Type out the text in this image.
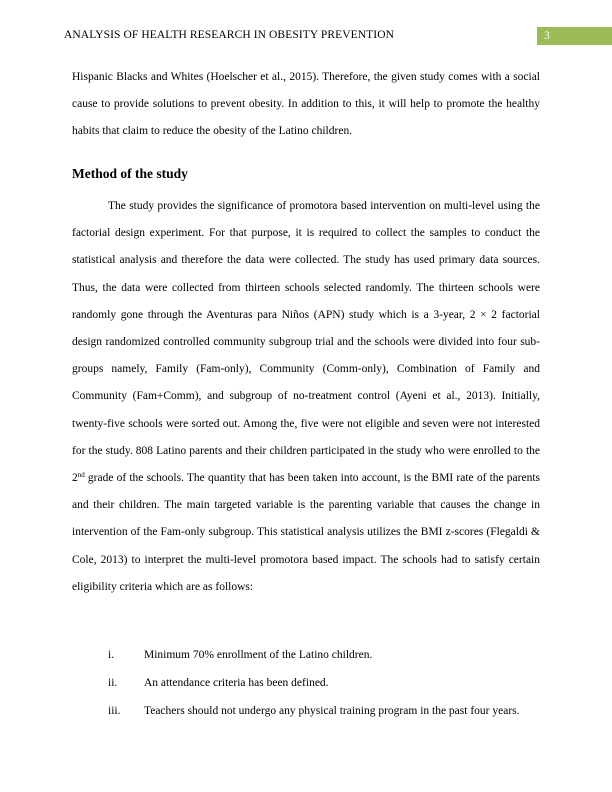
ANALYSIS OF HEALTH RESEARCH IN OBESITY PREVENTION	3

Hispanic Blacks and Whites (Hoelscher et al., 2015). Therefore, the given study comes with a social cause to provide solutions to prevent obesity. In addition to this, it will help to promote the healthy habits that claim to reduce the obesity of the Latino children.

Method of the study

The study provides the significance of promotora based intervention on multi-level using the factorial design experiment. For that purpose, it is required to collect the samples to conduct the statistical analysis and therefore the data were collected. The study has used primary data sources. Thus, the data were collected from thirteen schools selected randomly. The thirteen schools were randomly gone through the Aventuras para Niños (APN) study which is a 3-year, 2 × 2 factorial design randomized controlled community subgroup trial and the schools were divided into four sub-groups namely, Family (Fam-only), Community (Comm-only), Combination of Family and Community (Fam+Comm), and subgroup of no-treatment control (Ayeni et al., 2013). Initially, twenty-five schools were sorted out. Among the, five were not eligible and seven were not interested for the study. 808 Latino parents and their children participated in the study who were enrolled to the 2nd grade of the schools. The quantity that has been taken into account, is the BMI rate of the parents and their children. The main targeted variable is the parenting variable that causes the change in intervention of the Fam-only subgroup. This statistical analysis utilizes the BMI z-scores (Flegaldi & Cole, 2013) to interpret the multi-level promotora based impact. The schools had to satisfy certain eligibility criteria which are as follows:

i.	Minimum 70% enrollment of the Latino children.
ii. An attendance criteria has been defined.
iii. Teachers should not undergo any physical training program in the past four years.
